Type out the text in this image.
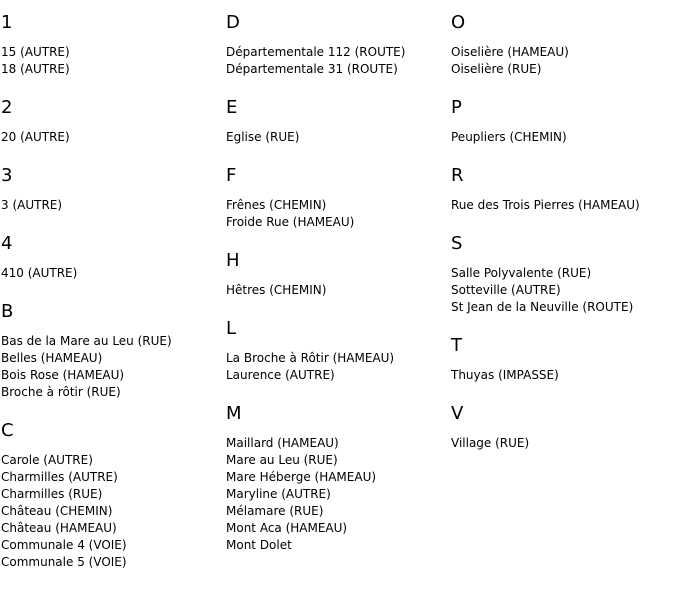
1
15 (AUTRE)
18 (AUTRE)
2
20 (AUTRE)
3
3 (AUTRE)
4
410 (AUTRE)
B
Bas de la Mare au Leu (RUE)
Belles (HAMEAU)
Bois Rose (HAMEAU)
Broche à rôtir (RUE)
C
Carole (AUTRE)
Charmilles (AUTRE)
Charmilles (RUE)
Château (CHEMIN)
Château (HAMEAU)
Communale 4 (VOIE)
Communale 5 (VOIE)
D
Départementale 112 (ROUTE)
Départementale 31 (ROUTE)
E
Eglise (RUE)
F
Frênes (CHEMIN)
Froide Rue (HAMEAU)
H
Hêtres (CHEMIN)
L
La Broche à Rôtir (HAMEAU)
Laurence (AUTRE)
M
Maillard (HAMEAU)
Mare au Leu (RUE)
Mare Héberge (HAMEAU)
Maryline (AUTRE)
Mélamare (RUE)
Mont Aca (HAMEAU)
Mont Dolet
O
Oiselière (HAMEAU)
Oiselière (RUE)
P
Peupliers (CHEMIN)
R
Rue des Trois Pierres (HAMEAU)
S
Salle Polyvalente (RUE)
Sotteville (AUTRE)
St Jean de la Neuville (ROUTE)
T
Thuyas (IMPASSE)
V
Village (RUE)
